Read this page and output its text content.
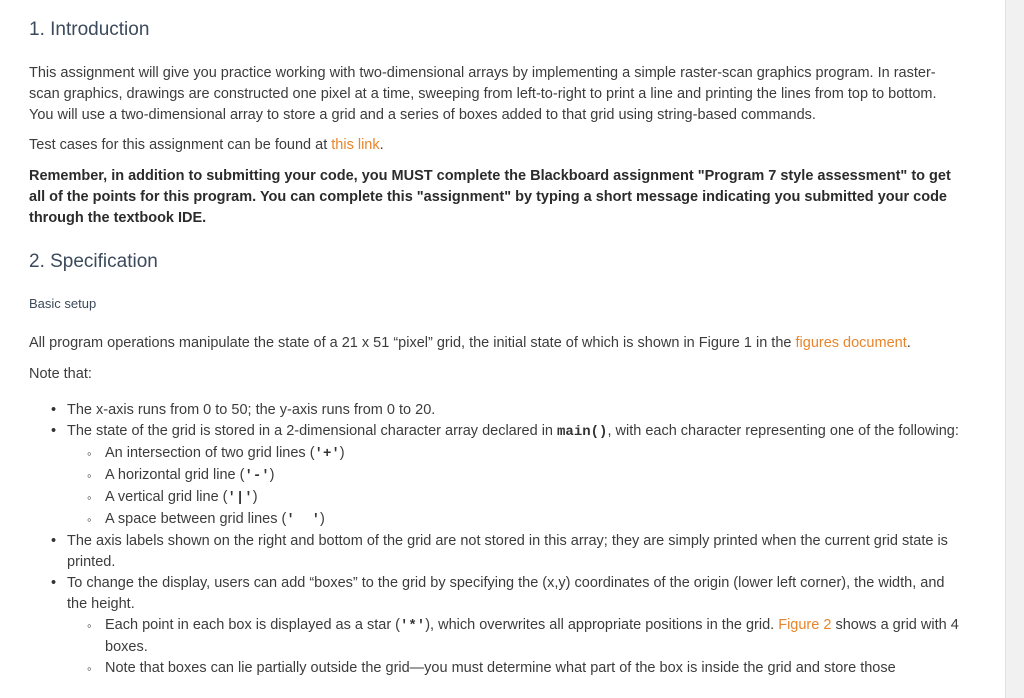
1. Introduction

This assignment will give you practice working with two-dimensional arrays by implementing a simple raster-scan graphics program. In raster-scan graphics, drawings are constructed one pixel at a time, sweeping from left-to-right to print a line and printing the lines from top to bottom. You will use a two-dimensional array to store a grid and a series of boxes added to that grid using string-based commands.

Test cases for this assignment can be found at this link.

Remember, in addition to submitting your code, you MUST complete the Blackboard assignment "Program 7 style assessment" to get all of the points for this program. You can complete this "assignment" by typing a short message indicating you submitted your code through the textbook IDE.

2. Specification
Basic setup

All program operations manipulate the state of a 21 x 51 “pixel” grid, the initial state of which is shown in Figure 1 in the figures document.

Note that:

• The x-axis runs from 0 to 50; the y-axis runs from 0 to 20.
• The state of the grid is stored in a 2-dimensional character array declared in main(), with each character representing one of the following:
◦ An intersection of two grid lines ('+')
◦ A horizontal grid line ('-')
◦ A vertical grid line ('|')
◦ A space between grid lines ('  ')
• The axis labels shown on the right and bottom of the grid are not stored in this array; they are simply printed when the current grid state is printed.
• To change the display, users can add “boxes” to the grid by specifying the (x,y) coordinates of the origin (lower left corner), the width, and the height.
◦ Each point in each box is displayed as a star ('*'), which overwrites all appropriate positions in the grid. Figure 2 shows a grid with 4 boxes.
◦ Note that boxes can lie partially outside the grid—you must determine what part of the box is inside the grid and store those
